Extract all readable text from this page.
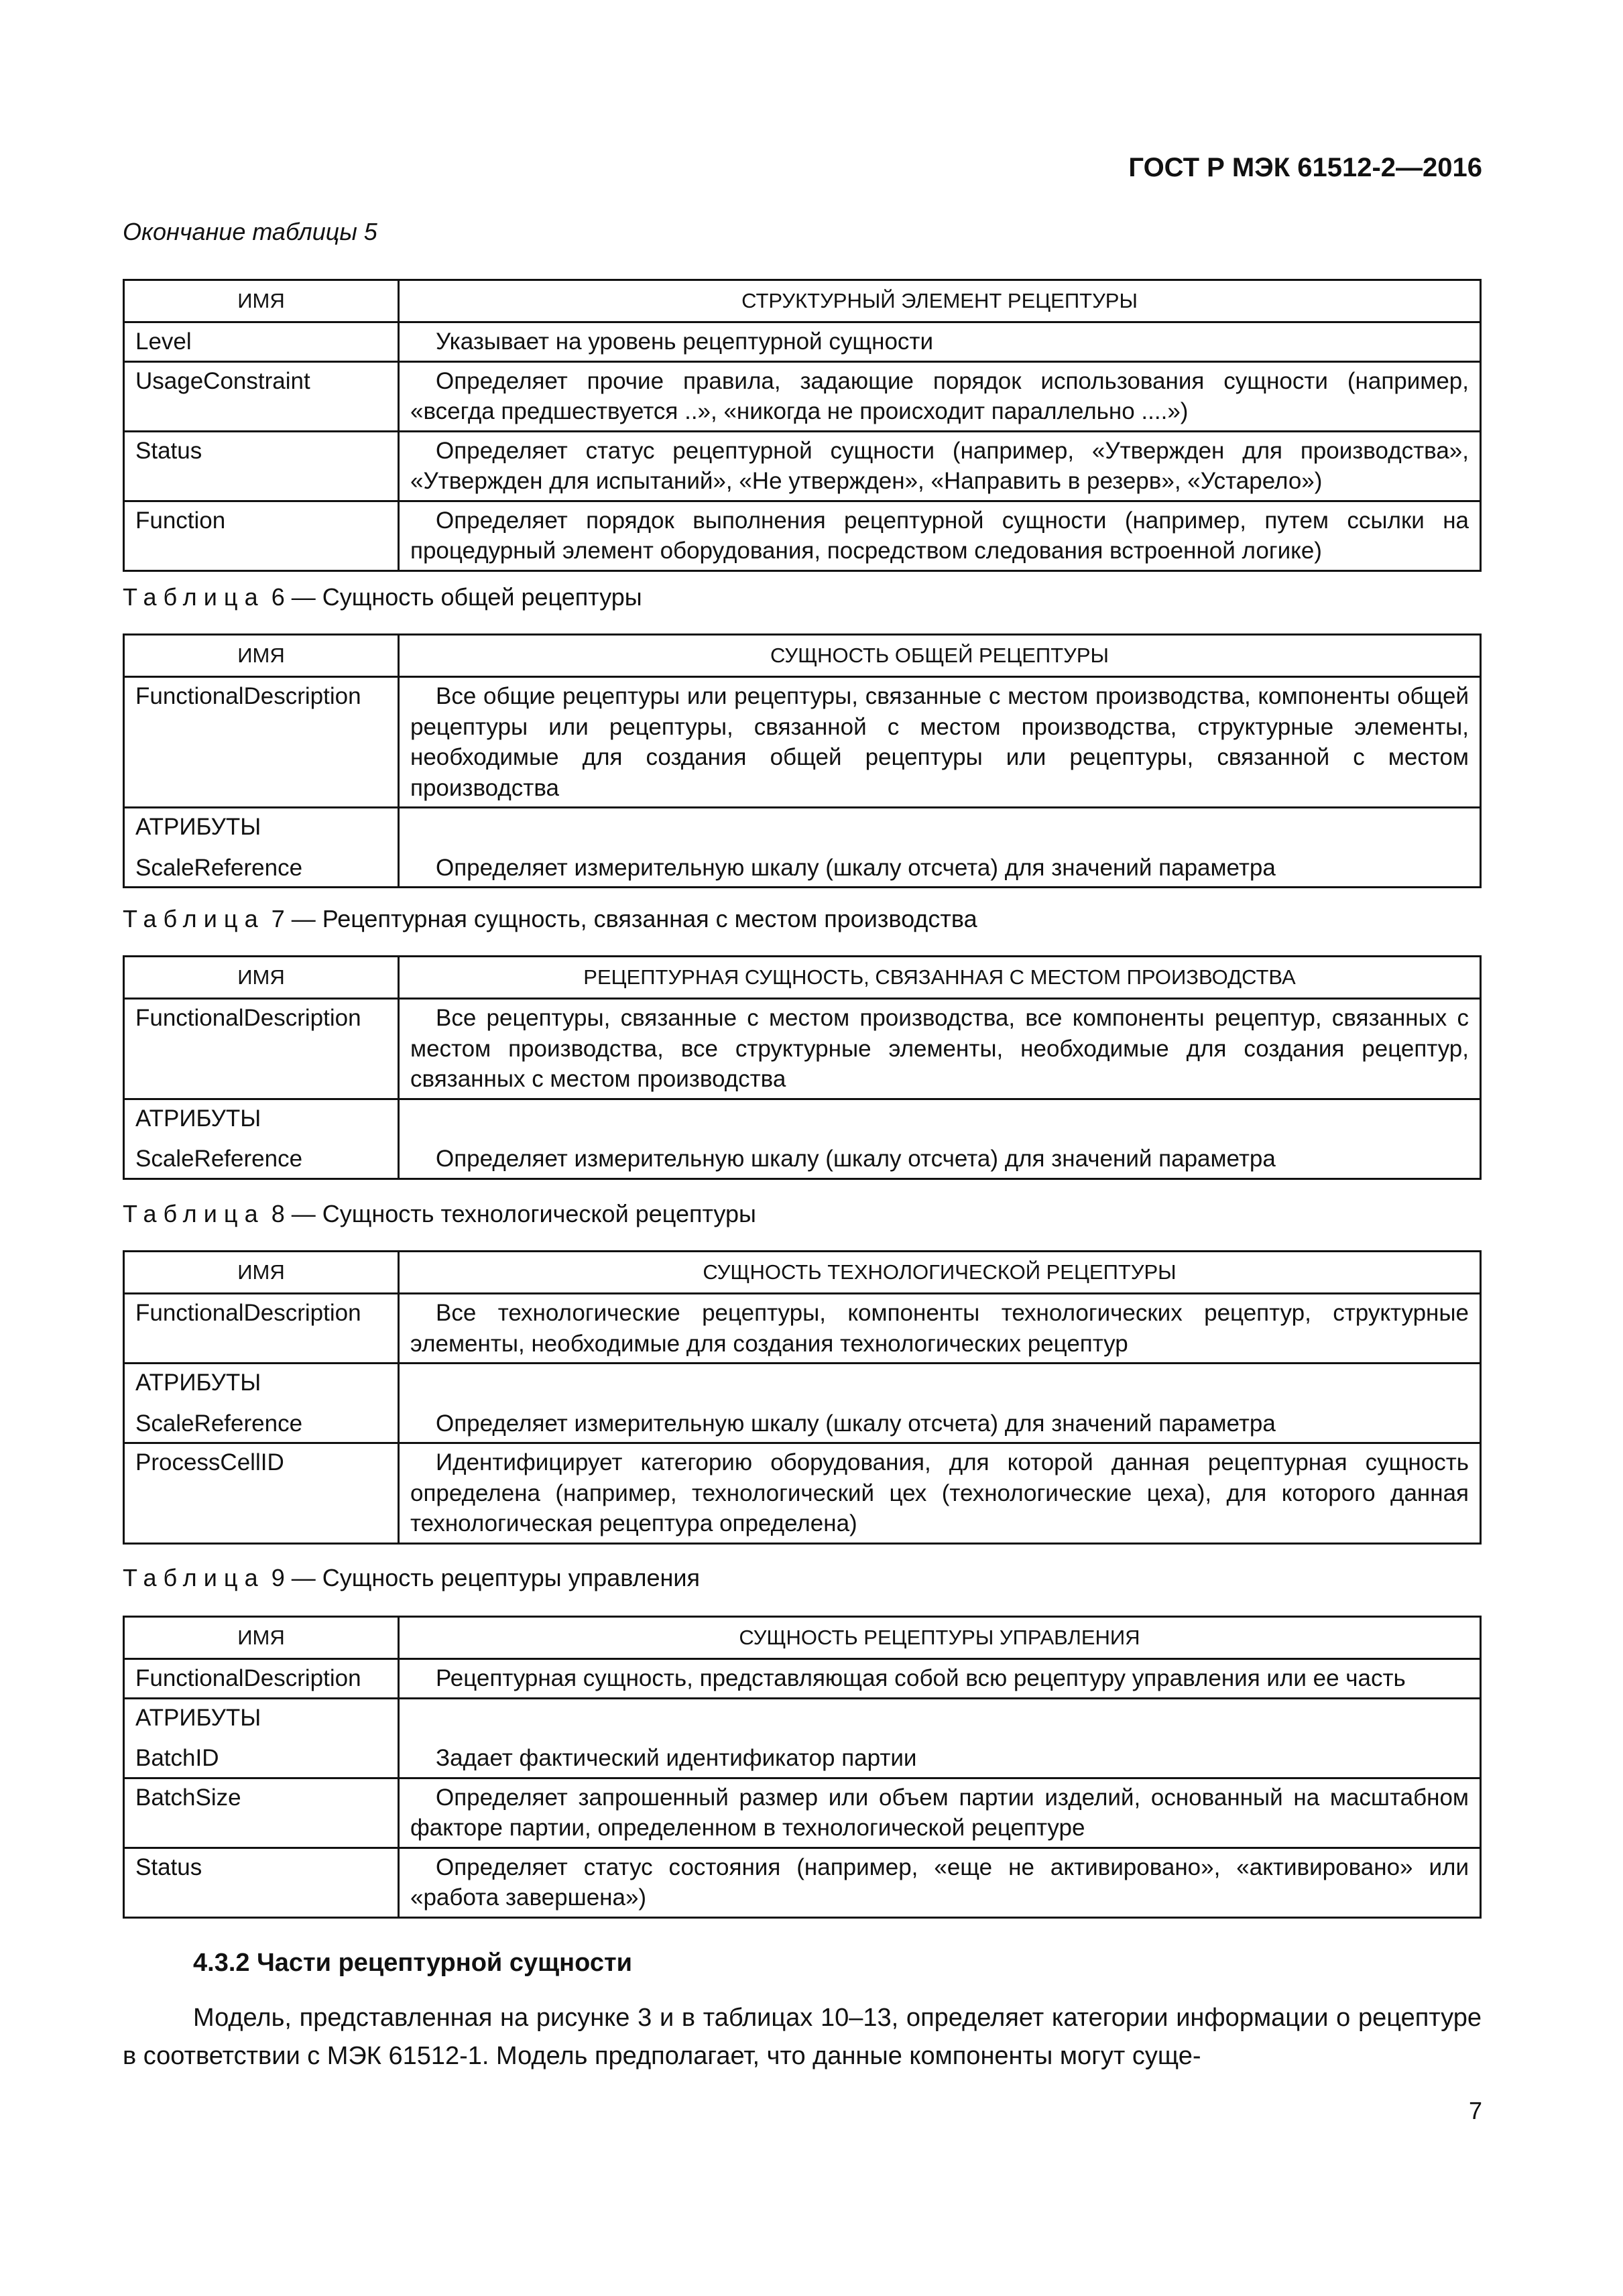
ГОСТ Р МЭК 61512-2—2016
Окончание таблицы 5
ИМЯ	СТРУКТУРНЫЙ ЭЛЕМЕНТ РЕЦЕПТУРЫ
Level	Указывает на уровень рецептурной сущности
UsageConstraint	Определяет прочие правила, задающие порядок использования сущности (например, «всегда предшествуется ..», «никогда не происходит параллельно ....»)
Status	Определяет статус рецептурной сущности (например, «Утвержден для производства», «Утвержден для испытаний», «Не утвержден», «Направить в резерв», «Устарело»)
Function	Определяет порядок выполнения рецептурной сущности (например, путем ссылки на процедурный элемент оборудования, посредством следования встроенной логике)
Таблица 6 — Сущность общей рецептуры
ИМЯ	СУЩНОСТЬ ОБЩЕЙ РЕЦЕПТУРЫ
FunctionalDescription	Все общие рецептуры или рецептуры, связанные с местом производства, компоненты общей рецептуры или рецептуры, связанной с местом производства, структурные элементы, необходимые для создания общей рецептуры или рецептуры, связанной с местом производства
АТРИБУТЫ	
ScaleReference	Определяет измерительную шкалу (шкалу отсчета) для значений параметра
Таблица 7 — Рецептурная сущность, связанная с местом производства
ИМЯ	РЕЦЕПТУРНАЯ СУЩНОСТЬ, СВЯЗАННАЯ С МЕСТОМ ПРОИЗВОДСТВА
FunctionalDescription	Все рецептуры, связанные с местом производства, все компоненты рецептур, связанных с местом производства, все структурные элементы, необходимые для создания рецептур, связанных с местом производства
АТРИБУТЫ	
ScaleReference	Определяет измерительную шкалу (шкалу отсчета) для значений параметра
Таблица 8 — Сущность технологической рецептуры
ИМЯ	СУЩНОСТЬ ТЕХНОЛОГИЧЕСКОЙ РЕЦЕПТУРЫ
FunctionalDescription	Все технологические рецептуры, компоненты технологических рецептур, структурные элементы, необходимые для создания технологических рецептур
АТРИБУТЫ	
ScaleReference	Определяет измерительную шкалу (шкалу отсчета) для значений параметра
ProcessCellID	Идентифицирует категорию оборудования, для которой данная рецептурная сущность определена (например, технологический цех (технологические цеха), для которого данная технологическая рецептура определена)
Таблица 9 — Сущность рецептуры управления
ИМЯ	СУЩНОСТЬ РЕЦЕПТУРЫ УПРАВЛЕНИЯ
FunctionalDescription	Рецептурная сущность, представляющая собой всю рецептуру управления или ее часть
АТРИБУТЫ	
BatchID	Задает фактический идентификатор партии
BatchSize	Определяет запрошенный размер или объем партии изделий, основанный на масштабном факторе партии, определенном в технологической рецептуре
Status	Определяет статус состояния (например, «еще не активировано», «активировано» или «работа завершена»)
4.3.2 Части рецептурной сущности
Модель, представленная на рисунке 3 и в таблицах 10–13, определяет категории информации о рецептуре в соответствии с МЭК 61512-1. Модель предполагает, что данные компоненты могут суще-
7
